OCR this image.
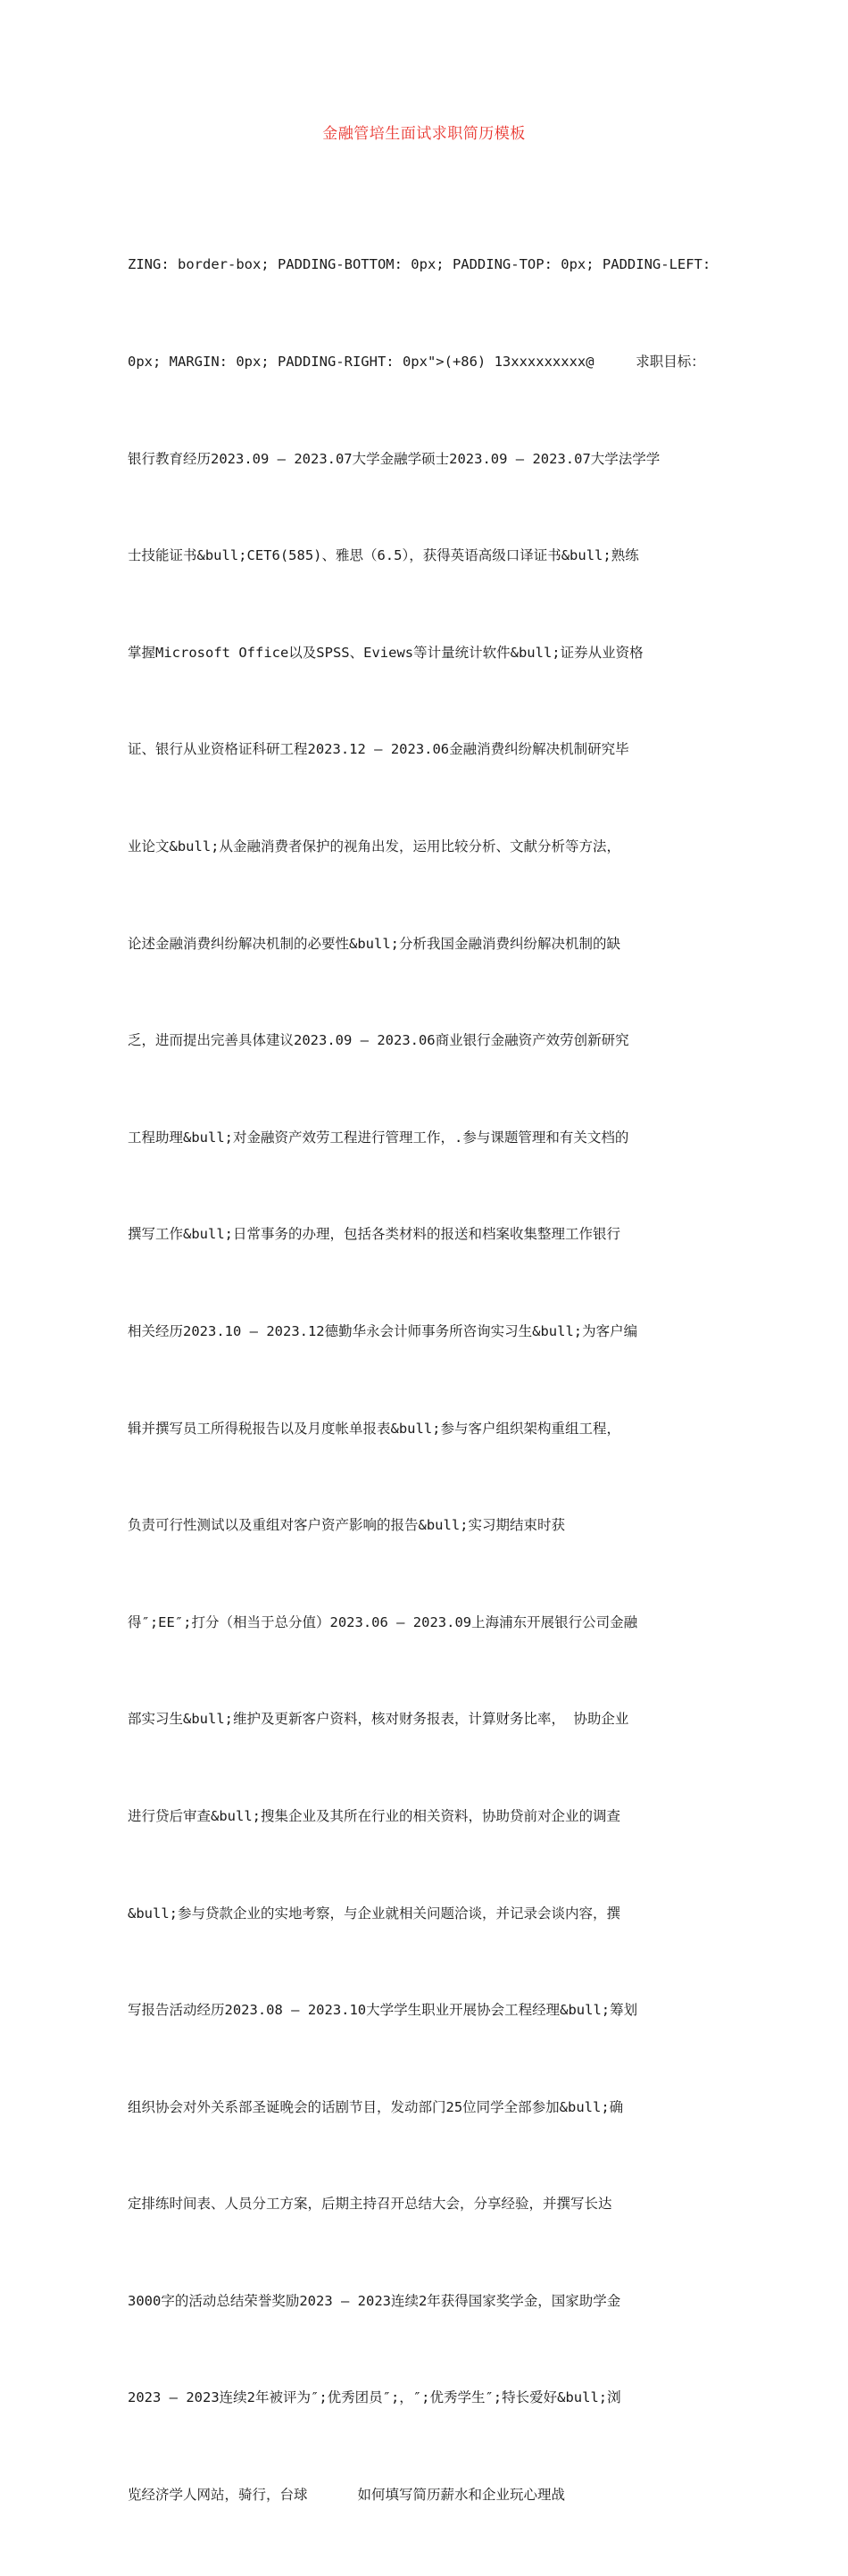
金融管培生面试求职简历模板

ZING: border-box; PADDING-BOTTOM: 0px; PADDING-TOP: 0px; PADDING-LEFT:

0px; MARGIN: 0px; PADDING-RIGHT: 0px">(+86) 13xxxxxxxxx@     求职目标：

银行教育经历2023.09 – 2023.07大学金融学硕士2023.09 – 2023.07大学法学学

士技能证书&bull;CET6(585)、雅思（6.5），获得英语高级口译证书&bull;熟练

掌握Microsoft Office以及SPSS、Eviews等计量统计软件&bull;证券从业资格

证、银行从业资格证科研工程2023.12 – 2023.06金融消费纠纷解决机制研究毕

业论文&bull;从金融消费者保护的视角出发，运用比较分析、文献分析等方法，

论述金融消费纠纷解决机制的必要性&bull;分析我国金融消费纠纷解决机制的缺

乏，进而提出完善具体建议2023.09 – 2023.06商业银行金融资产效劳创新研究

工程助理&bull;对金融资产效劳工程进行管理工作，.参与课题管理和有关文档的

撰写工作&bull;日常事务的办理，包括各类材料的报送和档案收集整理工作银行

相关经历2023.10 – 2023.12德勤华永会计师事务所咨询实习生&bull;为客户编

辑并撰写员工所得税报告以及月度帐单报表&bull;参与客户组织架构重组工程，

负责可行性测试以及重组对客户资产影响的报告&bull;实习期结束时获

得″;EE″;打分（相当于总分值）2023.06 – 2023.09上海浦东开展银行公司金融

部实习生&bull;维护及更新客户资料，核对财务报表，计算财务比率， 协助企业

进行贷后审查&bull;搜集企业及其所在行业的相关资料，协助贷前对企业的调查

&bull;参与贷款企业的实地考察，与企业就相关问题洽谈，并记录会谈内容，撰

写报告活动经历2023.08 – 2023.10大学学生职业开展协会工程经理&bull;筹划

组织协会对外关系部圣诞晚会的话剧节目，发动部门25位同学全部参加&bull;确

定排练时间表、人员分工方案，后期主持召开总结大会，分享经验，并撰写长达

3000字的活动总结荣誉奖励2023 – 2023连续2年获得国家奖学金，国家助学金

2023 – 2023连续2年被评为″;优秀团员″;，″;优秀学生″;特长爱好&bull;浏

览经济学人网站，骑行，台球      如何填写简历薪水和企业玩心理战
